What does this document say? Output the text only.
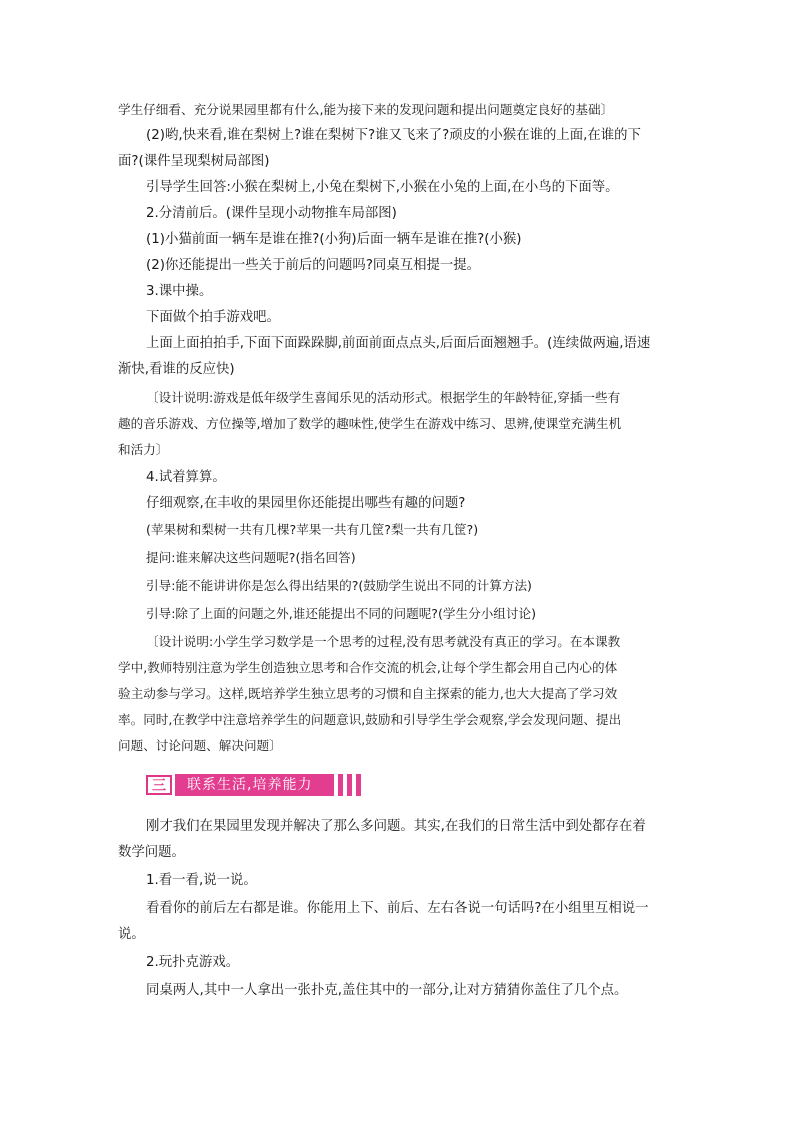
学生仔细看、充分说果园里都有什么,能为接下来的发现问题和提出问题奠定良好的基础〕

(2)哟,快来看,谁在梨树上?谁在梨树下?谁又飞来了?顽皮的小猴在谁的上面,在谁的下

面?(课件呈现梨树局部图)

引导学生回答:小猴在梨树上,小兔在梨树下,小猴在小兔的上面,在小鸟的下面等。

2.分清前后。(课件呈现小动物推车局部图)

(1)小猫前面一辆车是谁在推?(小狗)后面一辆车是谁在推?(小猴)

(2)你还能提出一些关于前后的问题吗?同桌互相提一提。

3.课中操。

下面做个拍手游戏吧。

上面上面拍拍手,下面下面跺跺脚,前面前面点点头,后面后面翘翘手。(连续做两遍,语速

渐快,看谁的反应快)

〔设计说明:游戏是低年级学生喜闻乐见的活动形式。根据学生的年龄特征,穿插一些有

趣的音乐游戏、方位操等,增加了数学的趣味性,使学生在游戏中练习、思辨,使课堂充满生机

和活力〕

4.试着算算。

仔细观察,在丰收的果园里你还能提出哪些有趣的问题?

(苹果树和梨树一共有几棵?苹果一共有几筐?梨一共有几筐?)

提问:谁来解决这些问题呢?(指名回答)

引导:能不能讲讲你是怎么得出结果的?(鼓励学生说出不同的计算方法)

引导:除了上面的问题之外,谁还能提出不同的问题呢?(学生分小组讨论)

〔设计说明:小学生学习数学是一个思考的过程,没有思考就没有真正的学习。在本课教

学中,教师特别注意为学生创造独立思考和合作交流的机会,让每个学生都会用自己内心的体

验主动参与学习。这样,既培养学生独立思考的习惯和自主探索的能力,也大大提高了学习效

率。同时,在教学中注意培养学生的问题意识,鼓励和引导学生学会观察,学会发现问题、提出

问题、讨论问题、解决问题〕

三	联系生活,培养能力

刚才我们在果园里发现并解决了那么多问题。其实,在我们的日常生活中到处都存在着

数学问题。

1.看一看,说一说。

看看你的前后左右都是谁。你能用上下、前后、左右各说一句话吗?在小组里互相说一

说。

2.玩扑克游戏。

同桌两人,其中一人拿出一张扑克,盖住其中的一部分,让对方猜猜你盖住了几个点。
